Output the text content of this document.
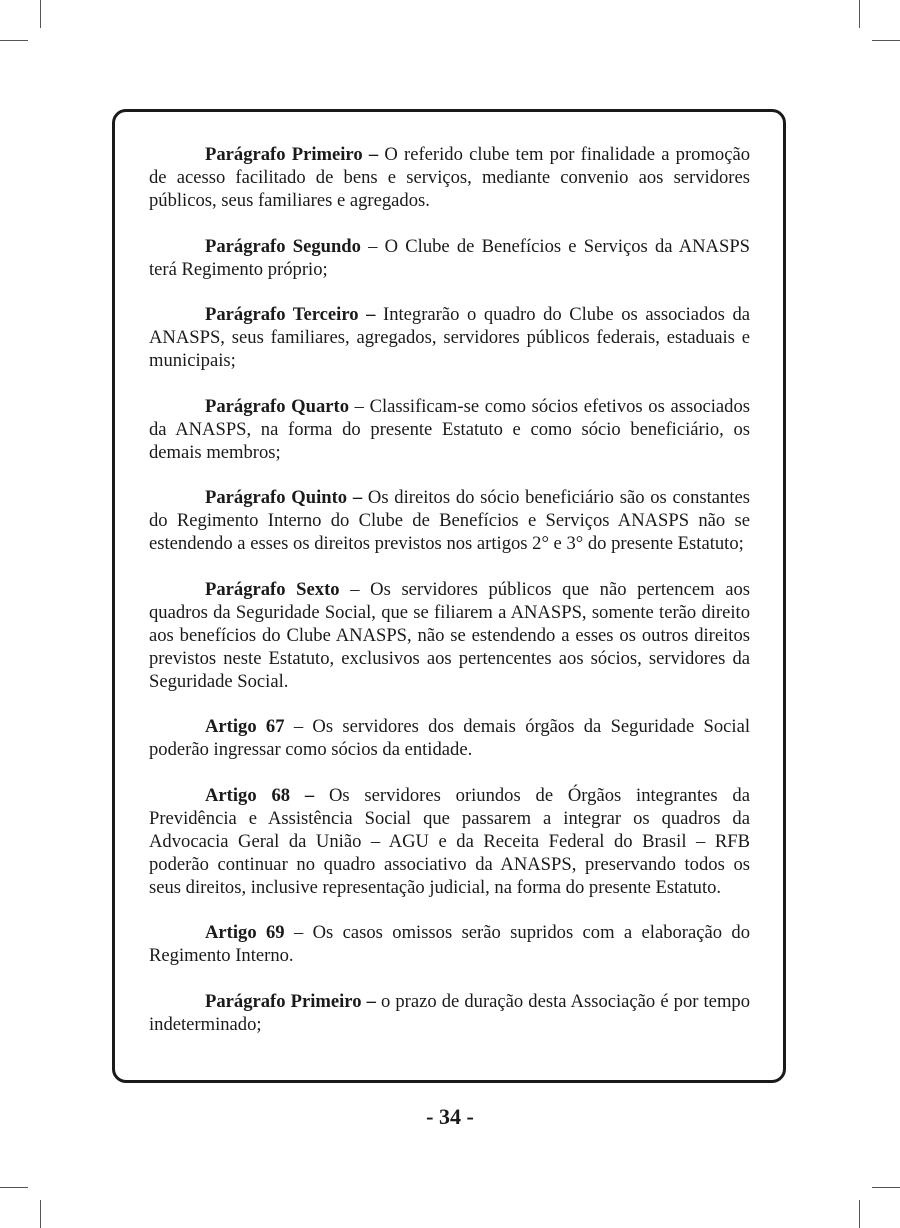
Parágrafo Primeiro – O referido clube tem por finalidade a promoção de acesso facilitado de bens e serviços, mediante convenio aos servidores públicos, seus familiares e agregados.

Parágrafo Segundo – O Clube de Benefícios e Serviços da ANASPS terá Regimento próprio;

Parágrafo Terceiro – Integrarão o quadro do Clube os associados da ANASPS, seus familiares, agregados, servidores públicos federais, estaduais e municipais;

Parágrafo Quarto – Classificam-se como sócios efetivos os associados da ANASPS, na forma do presente Estatuto e como sócio beneficiário, os demais membros;

Parágrafo Quinto – Os direitos do sócio beneficiário são os constantes do Regimento Interno do Clube de Benefícios e Serviços ANASPS não se estendendo a esses os direitos previstos nos artigos 2° e 3° do presente Estatuto;

Parágrafo Sexto – Os servidores públicos que não pertencem aos quadros da Seguridade Social, que se filiarem a ANASPS, somente terão direito aos benefícios do Clube ANASPS, não se estendendo a esses os outros direitos previstos neste Estatuto, exclusivos aos pertencentes aos sócios, servidores da Seguridade Social.

Artigo 67 – Os servidores dos demais órgãos da Seguridade Social poderão ingressar como sócios da entidade.

Artigo 68 – Os servidores oriundos de Órgãos integrantes da Previdência e Assistência Social que passarem a integrar os quadros da Advocacia Geral da União – AGU e da Receita Federal do Brasil – RFB poderão continuar no quadro associativo da ANASPS, preservando todos os seus direitos, inclusive representação judicial, na forma do presente Estatuto.

Artigo 69 – Os casos omissos serão supridos com a elaboração do Regimento Interno.

Parágrafo Primeiro – o prazo de duração desta Associação é por tempo indeterminado;

- 34 -
